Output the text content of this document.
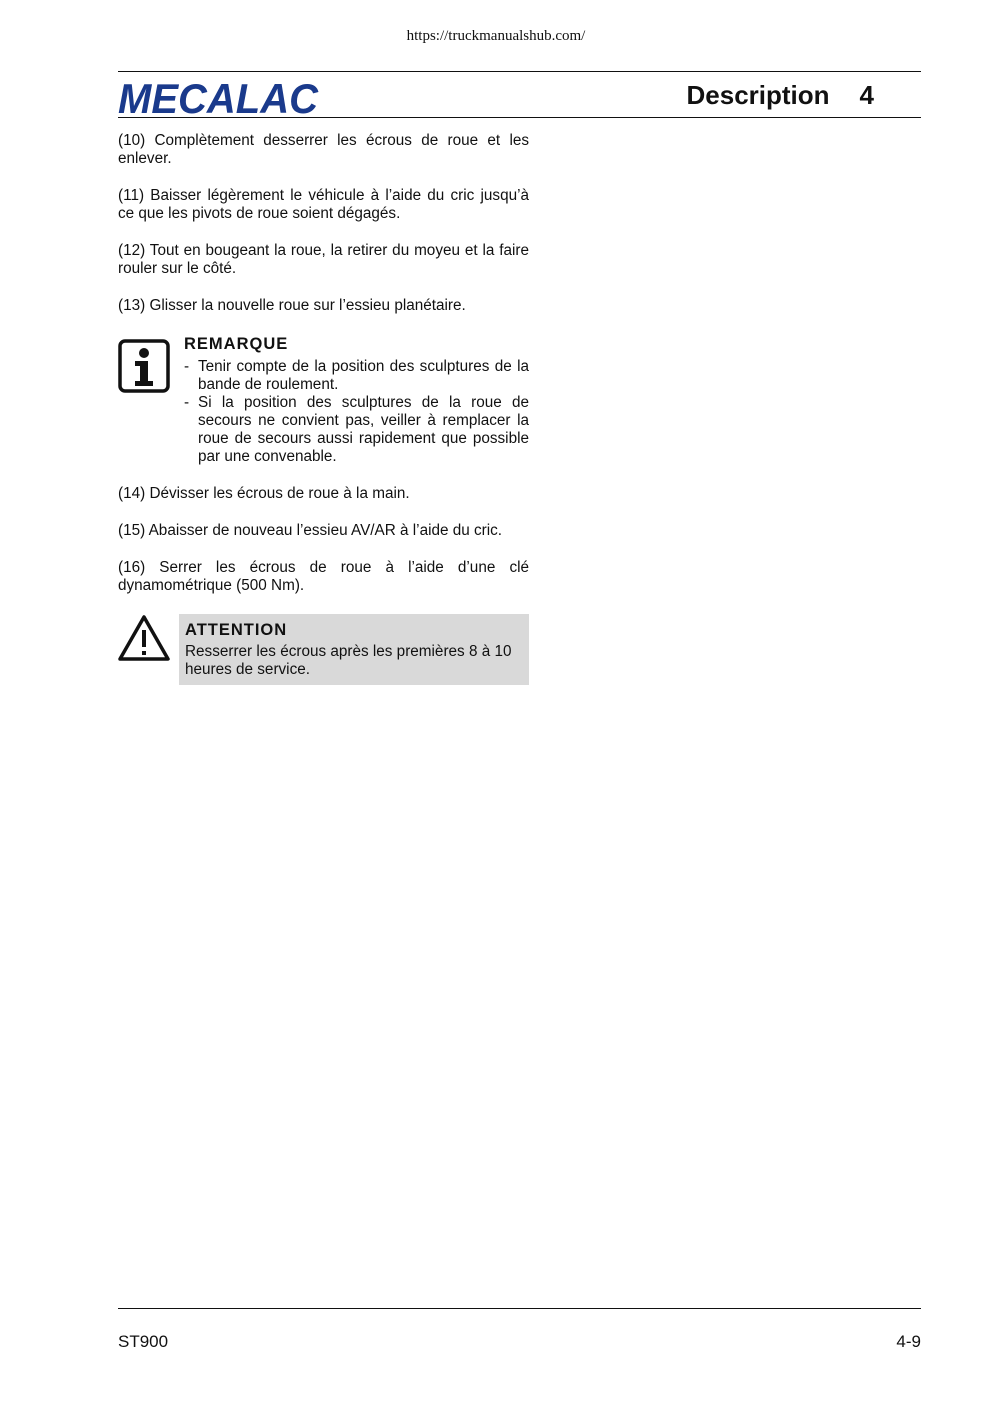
https://truckmanualshub.com/
MECALAC	Description 4

(10) Complètement desserrer les écrous de roue et les enlever.

(11) Baisser légèrement le véhicule à l’aide du cric jusqu’à ce que les pivots de roue soient dégagés.

(12) Tout en bougeant la roue, la retirer du moyeu et la faire rouler sur le côté.

(13) Glisser la nouvelle roue sur l’essieu planétaire.

REMARQUE
- Tenir compte de la position des sculptures de la bande de roulement.
- Si la position des sculptures de la roue de secours ne convient pas, veiller à remplacer la roue de secours aussi rapidement que possible par une convenable.

(14) Dévisser les écrous de roue à la main.

(15) Abaisser de nouveau l’essieu AV/AR à l’aide du cric.

(16) Serrer les écrous de roue à l’aide d’une clé dynamométrique (500 Nm).

ATTENTION
Resserrer les écrous après les premières 8 à 10 heures de service.
ST900	4-9
